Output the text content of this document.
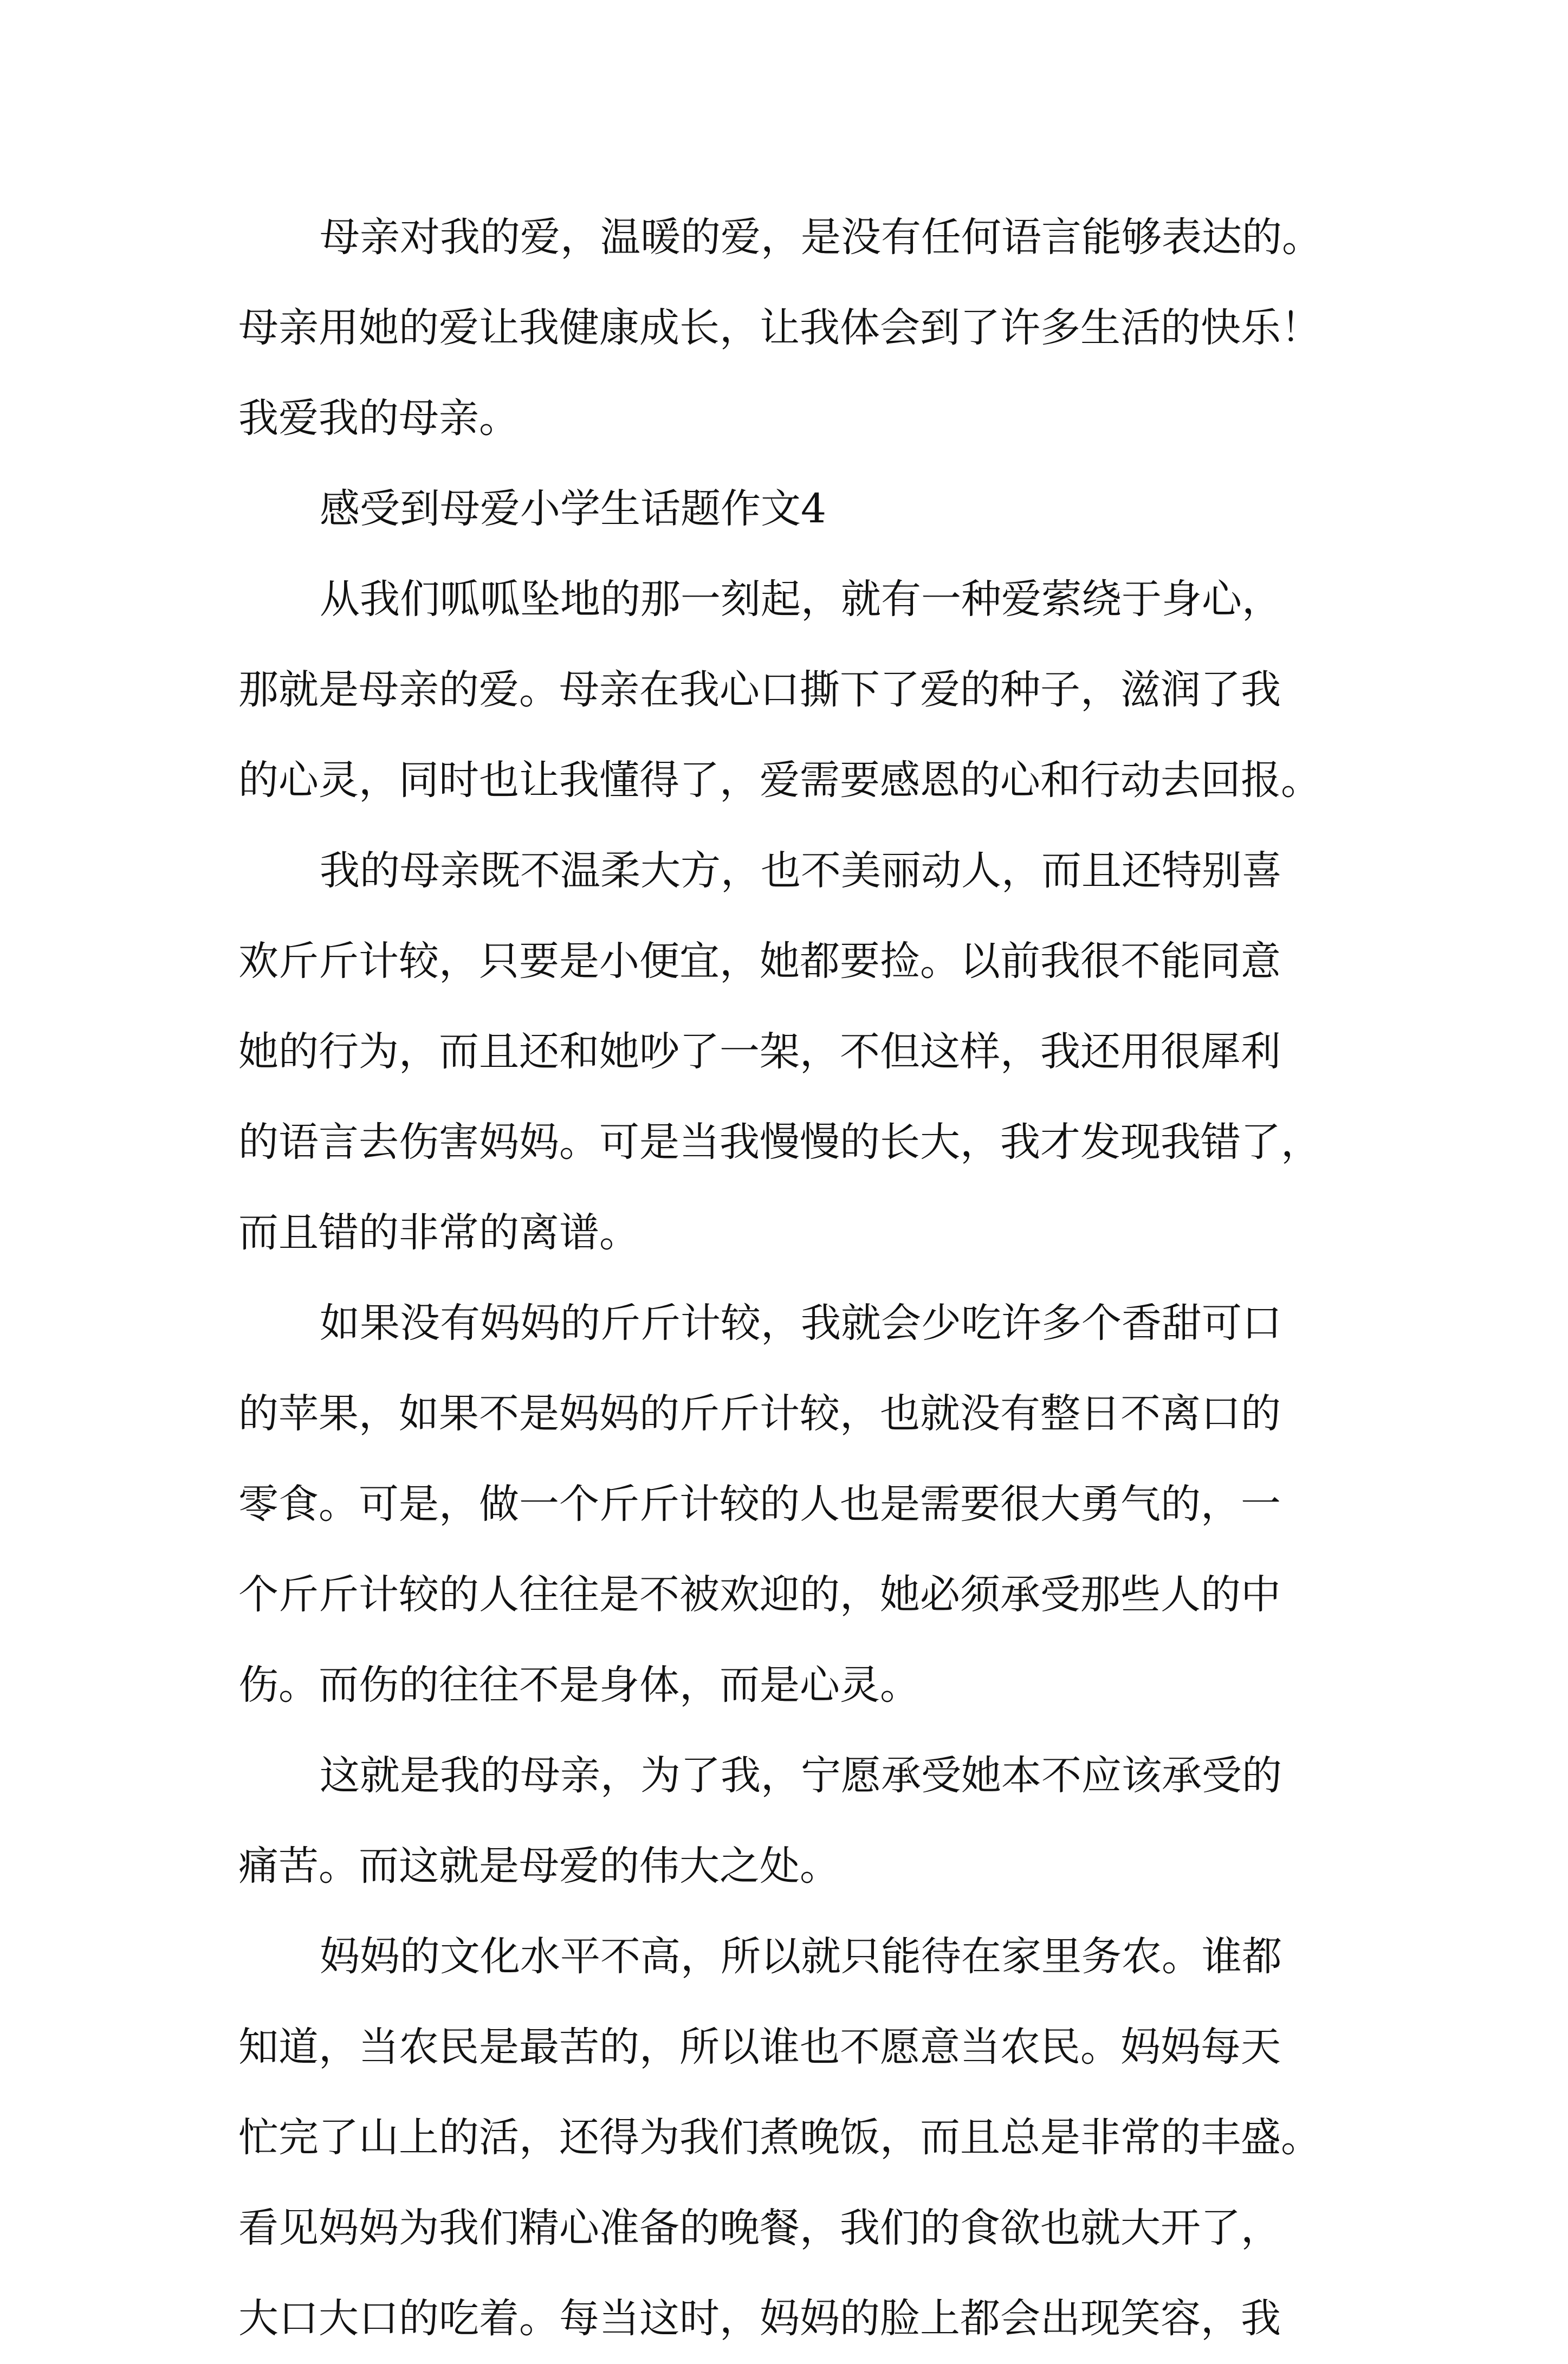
母亲对我的爱，温暖的爱，是没有任何语言能够表达的。
母亲用她的爱让我健康成长，让我体会到了许多生活的快乐！
我爱我的母亲。
感受到母爱小学生话题作文4
从我们呱呱坠地的那一刻起，就有一种爱萦绕于身心，
那就是母亲的爱。母亲在我心口撕下了爱的种子，滋润了我
的心灵，同时也让我懂得了，爱需要感恩的心和行动去回报。
我的母亲既不温柔大方，也不美丽动人，而且还特别喜
欢斤斤计较，只要是小便宜，她都要捡。以前我很不能同意
她的行为，而且还和她吵了一架，不但这样，我还用很犀利
的语言去伤害妈妈。可是当我慢慢的长大，我才发现我错了，
而且错的非常的离谱。
如果没有妈妈的斤斤计较，我就会少吃许多个香甜可口
的苹果，如果不是妈妈的斤斤计较，也就没有整日不离口的
零食。可是，做一个斤斤计较的人也是需要很大勇气的，一
个斤斤计较的人往往是不被欢迎的，她必须承受那些人的中
伤。而伤的往往不是身体，而是心灵。
这就是我的母亲，为了我，宁愿承受她本不应该承受的
痛苦。而这就是母爱的伟大之处。
妈妈的文化水平不高，所以就只能待在家里务农。谁都
知道，当农民是最苦的，所以谁也不愿意当农民。妈妈每天
忙完了山上的活，还得为我们煮晚饭，而且总是非常的丰盛。
看见妈妈为我们精心准备的晚餐，我们的食欲也就大开了，
大口大口的吃着。每当这时，妈妈的脸上都会出现笑容，我
